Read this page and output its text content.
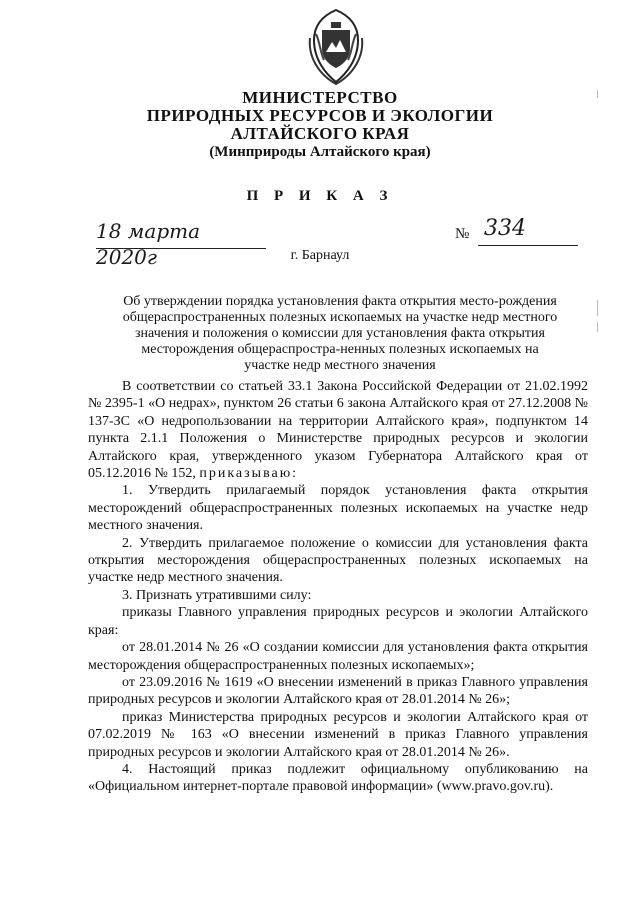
МИНИСТЕРСТВО
ПРИРОДНЫХ РЕСУРСОВ И ЭКОЛОГИИ
АЛТАЙСКОГО КРАЯ
(Минприроды Алтайского края)
П Р И К А З
18 марта 2020г
№ 334
г. Барнаул
Об утверждении порядка установления факта открытия место-рождения общераспространенных полезных ископаемых на участке недр местного значения и положения о комиссии для установления факта открытия месторождения общераспростра-ненных полезных ископаемых на участке недр местного значения

В соответствии со статьей 33.1 Закона Российской Федерации от 21.02.1992 № 2395-1 «О недрах», пунктом 26 статьи 6 закона Алтайского края от 27.12.2008 № 137-ЗС «О недропользовании на территории Алтайского края», подпунктом 14 пункта 2.1.1 Положения о Министерстве природных ресурсов и экологии Алтайского края, утвержденного указом Губернатора Алтайского края от 05.12.2016 № 152, приказываю:

1. Утвердить прилагаемый порядок установления факта открытия месторождений общераспространенных полезных ископаемых на участке недр местного значения.

2. Утвердить прилагаемое положение о комиссии для установления факта открытия месторождения общераспространенных полезных ископаемых на участке недр местного значения.

3. Признать утратившими силу:

приказы Главного управления природных ресурсов и экологии Алтайского края:

от 28.01.2014 № 26 «О создании комиссии для установления факта открытия месторождения общераспространенных полезных ископаемых»;

от 23.09.2016 № 1619 «О внесении изменений в приказ Главного управления природных ресурсов и экологии Алтайского края от 28.01.2014 № 26»;

приказ Министерства природных ресурсов и экологии Алтайского края от 07.02.2019 № 163 «О внесении изменений в приказ Главного управления природных ресурсов и экологии Алтайского края от 28.01.2014 № 26».

4. Настоящий приказ подлежит официальному опубликованию на «Официальном интернет-портале правовой информации» (www.pravo.gov.ru).
